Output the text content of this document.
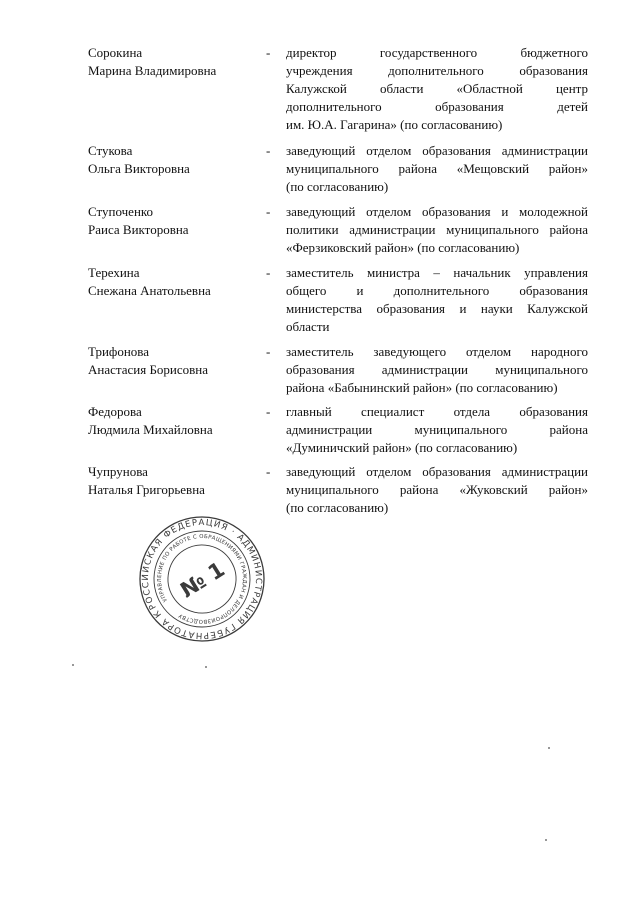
Сорокина
Марина Владимировна
- директор государственного бюджетного
учреждения дополнительного образования
Калужской области «Областной центр
дополнительного образования детей
им. Ю.А. Гагарина» (по согласованию)
Стукова
Ольга Викторовна
- заведующий отделом образования администрации
муниципального района «Мещовский район»
(по согласованию)
Ступоченко
Раиса Викторовна
- заведующий отделом образования и молодежной
политики администрации муниципального района
«Ферзиковский район» (по согласованию)
Терехина
Снежана Анатольевна
- заместитель министра – начальник управления
общего и дополнительного образования
министерства образования и науки Калужской
области
Трифонова
Анастасия Борисовна
- заместитель заведующего отделом народного
образования администрации муниципального
района «Бабынинский район» (по согласованию)
Федорова
Людмила Михайловна
- главный специалист отдела образования
администрации муниципального района
«Думиничский район» (по согласованию)
Чупрунова
Наталья Григорьевна
- заведующий отделом образования администрации
муниципального района «Жуковский район»
(по согласованию)
РОССИЙСКАЯ ФЕДЕРАЦИЯ · АДМИНИСТРАЦИЯ ГУБЕРНАТОРА КАЛУЖСКОЙ
УПРАВЛЕНИЕ ПО РАБОТЕ С ОБРАЩЕНИЯМИ ГРАЖДАН И ДЕЛОПРОИЗВОДСТВУ
№ 1
